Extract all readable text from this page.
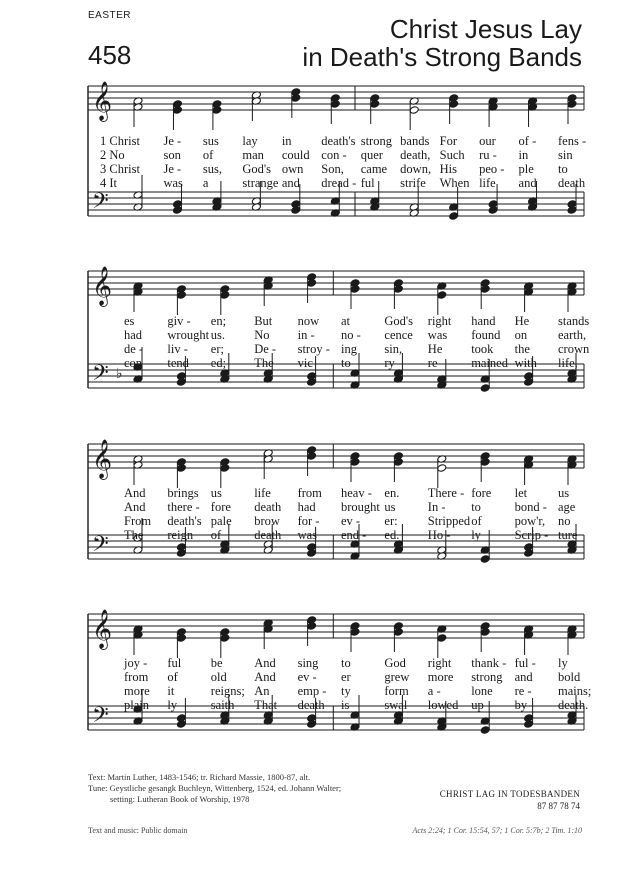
EASTER
458
Christ Jesus Lay
in Death's Strong Bands
𝄞
𝄢
𝄞
𝄢 ♭
𝄞
𝄢
𝄞
𝄢
1 Christ Je - sus lay in death's strong bands For our of - fens -
2 No	son of man could con - quer death, Such ru - in sin
3 Christ Je - sus, God's own Son, came down, His peo - ple to
4 It	was a	strange and dread - ful strife When life and death
es	giv - en; But now at	God's right hand He stands
had wrought us. No in - no - cence was found on earth,
de - liv - er; De - stroy - ing sin, He took the crown
con - tend - ed; The vic - to - ry	re - mained with life,
And brings us	life from heav - en. There - fore let us
And there - fore death had brought us	In - to	bond - age
From death's pale brow for - ev - er: Stripped of	pow'r, no
The reign of	death was end - ed. Ho - ly	Scrip - ture
joy - ful be	And sing to	God right thank - ful - ly
from of	old And ev - er	grew more strong and bold
more it	reigns; An emp - ty	form a - lone re - mains;
plain - ly	saith That death is	swal - lowed up by death.
Text: Martin Luther, 1483-1546; tr. Richard Massie, 1800-87, alt.
Tune: Geystliche gesangk Buchleyn, Wittenberg, 1524, ed. Johann Walter;
setting: Lutheran Book of Worship, 1978	CHRIST LAG IN TODESBANDEN
87 87 78 74
Text and music: Public domain	Acts 2:24; 1 Cor. 15:54, 57; 1 Cor. 5:7b; 2 Tim. 1:10
